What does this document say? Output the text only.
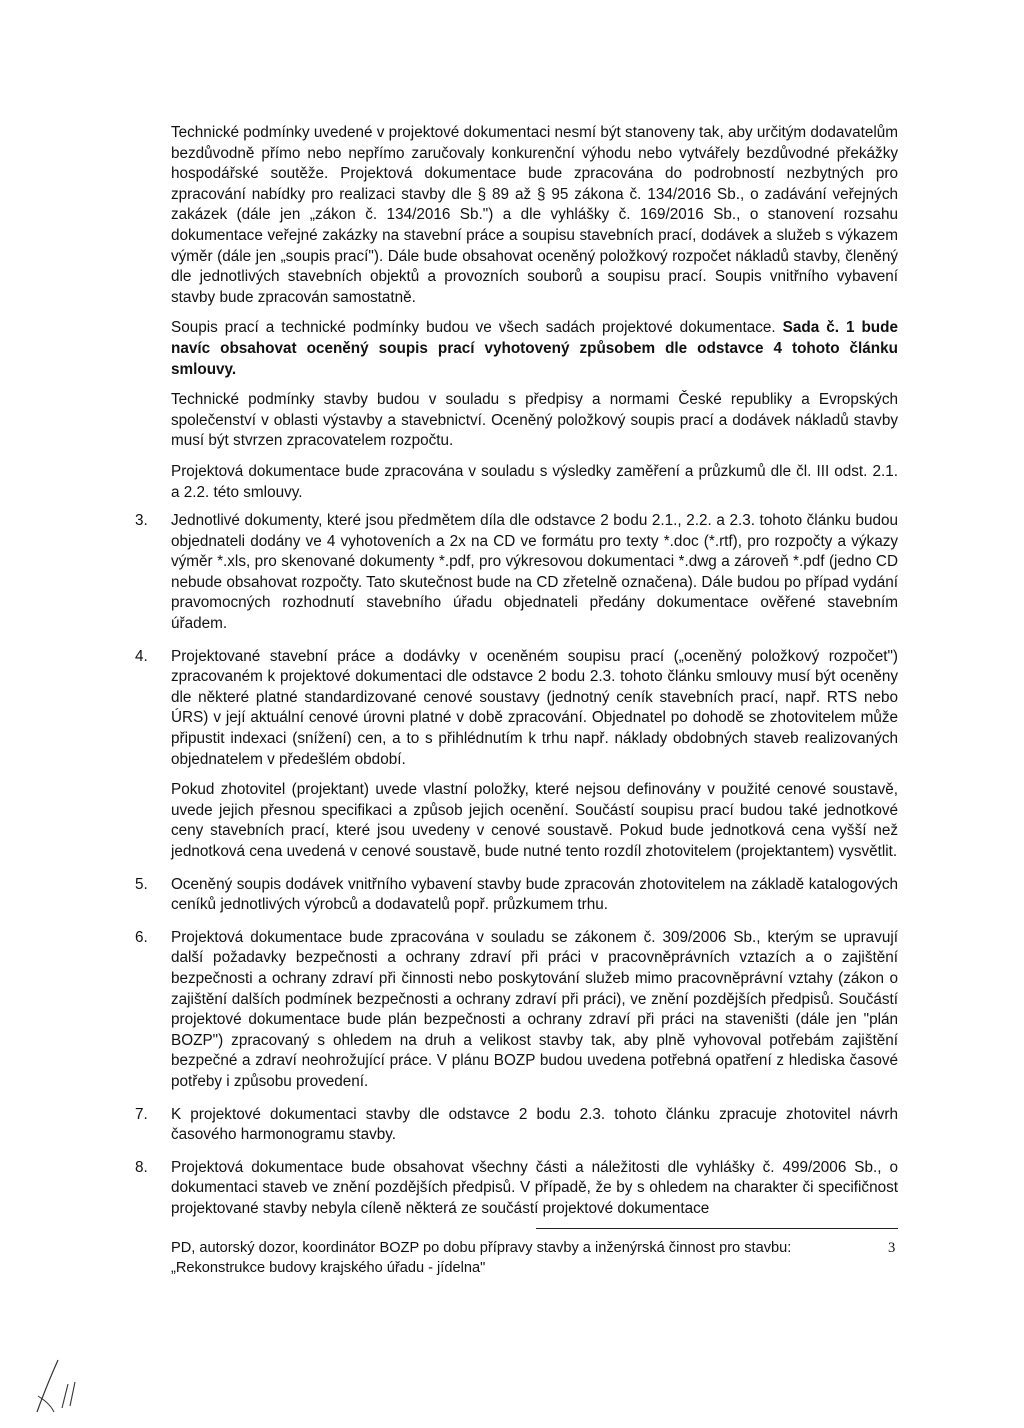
Technické podmínky uvedené v projektové dokumentaci nesmí být stanoveny tak, aby určitým dodavatelům bezdůvodně přímo nebo nepřímo zaručovaly konkurenční výhodu nebo vytvářely bezdůvodné překážky hospodářské soutěže. Projektová dokumentace bude zpracována do podrobností nezbytných pro zpracování nabídky pro realizaci stavby dle § 89 až § 95 zákona č. 134/2016 Sb., o zadávání veřejných zakázek (dále jen „zákon č. 134/2016 Sb.") a dle vyhlášky č. 169/2016 Sb., o stanovení rozsahu dokumentace veřejné zakázky na stavební práce a soupisu stavebních prací, dodávek a služeb s výkazem výměr (dále jen „soupis prací"). Dále bude obsahovat oceněný položkový rozpočet nákladů stavby, členěný dle jednotlivých stavebních objektů a provozních souborů a soupisu prací. Soupis vnitřního vybavení stavby bude zpracován samostatně.

Soupis prací a technické podmínky budou ve všech sadách projektové dokumentace. Sada č. 1 bude navíc obsahovat oceněný soupis prací vyhotovený způsobem dle odstavce 4 tohoto článku smlouvy.

Technické podmínky stavby budou v souladu s předpisy a normami České republiky a Evropských společenství v oblasti výstavby a stavebnictví. Oceněný položkový soupis prací a dodávek nákladů stavby musí být stvrzen zpracovatelem rozpočtu.

Projektová dokumentace bude zpracována v souladu s výsledky zaměření a průzkumů dle čl. III odst. 2.1. a 2.2. této smlouvy.

3. Jednotlivé dokumenty, které jsou předmětem díla dle odstavce 2 bodu 2.1., 2.2. a 2.3. tohoto článku budou objednateli dodány ve 4 vyhotoveních a 2x na CD ve formátu pro texty *.doc (*.rtf), pro rozpočty a výkazy výměr *.xls, pro skenované dokumenty *.pdf, pro výkresovou dokumentaci *.dwg a zároveň *.pdf (jedno CD nebude obsahovat rozpočty. Tato skutečnost bude na CD zřetelně označena). Dále budou po případ vydání pravomocných rozhodnutí stavebního úřadu objednateli předány dokumentace ověřené stavebním úřadem.

4. Projektované stavební práce a dodávky v oceněném soupisu prací („oceněný položkový rozpočet") zpracovaném k projektové dokumentaci dle odstavce 2 bodu 2.3. tohoto článku smlouvy musí být oceněny dle některé platné standardizované cenové soustavy (jednotný ceník stavebních prací, např. RTS nebo ÚRS) v její aktuální cenové úrovni platné v době zpracování. Objednatel po dohodě se zhotovitelem může připustit indexaci (snížení) cen, a to s přihlédnutím k trhu např. náklady obdobných staveb realizovaných objednatelem v předešlém období.

Pokud zhotovitel (projektant) uvede vlastní položky, které nejsou definovány v použité cenové soustavě, uvede jejich přesnou specifikaci a způsob jejich ocenění. Součástí soupisu prací budou také jednotkové ceny stavebních prací, které jsou uvedeny v cenové soustavě. Pokud bude jednotková cena vyšší než jednotková cena uvedená v cenové soustavě, bude nutné tento rozdíl zhotovitelem (projektantem) vysvětlit.

5. Oceněný soupis dodávek vnitřního vybavení stavby bude zpracován zhotovitelem na základě katalogových ceníků jednotlivých výrobců a dodavatelů popř. průzkumem trhu.

6. Projektová dokumentace bude zpracována v souladu se zákonem č. 309/2006 Sb., kterým se upravují další požadavky bezpečnosti a ochrany zdraví při práci v pracovněprávních vztazích a o zajištění bezpečnosti a ochrany zdraví při činnosti nebo poskytování služeb mimo pracovněprávní vztahy (zákon o zajištění dalších podmínek bezpečnosti a ochrany zdraví při práci), ve znění pozdějších předpisů. Součástí projektové dokumentace bude plán bezpečnosti a ochrany zdraví při práci na staveništi (dále jen "plán BOZP") zpracovaný s ohledem na druh a velikost stavby tak, aby plně vyhovoval potřebám zajištění bezpečné a zdraví neohrožující práce. V plánu BOZP budou uvedena potřebná opatření z hlediska časové potřeby i způsobu provedení.

7. K projektové dokumentaci stavby dle odstavce 2 bodu 2.3. tohoto článku zpracuje zhotovitel návrh časového harmonogramu stavby.

8. Projektová dokumentace bude obsahovat všechny části a náležitosti dle vyhlášky č. 499/2006 Sb., o dokumentaci staveb ve znění pozdějších předpisů. V případě, že by s ohledem na charakter či specifičnost projektované stavby nebyla cíleně některá ze součástí projektové dokumentace

PD, autorský dozor, koordinátor BOZP po dobu přípravy stavby a inženýrská činnost pro stavbu:
„Rekonstrukce budovy krajského úřadu - jídelna"
3
